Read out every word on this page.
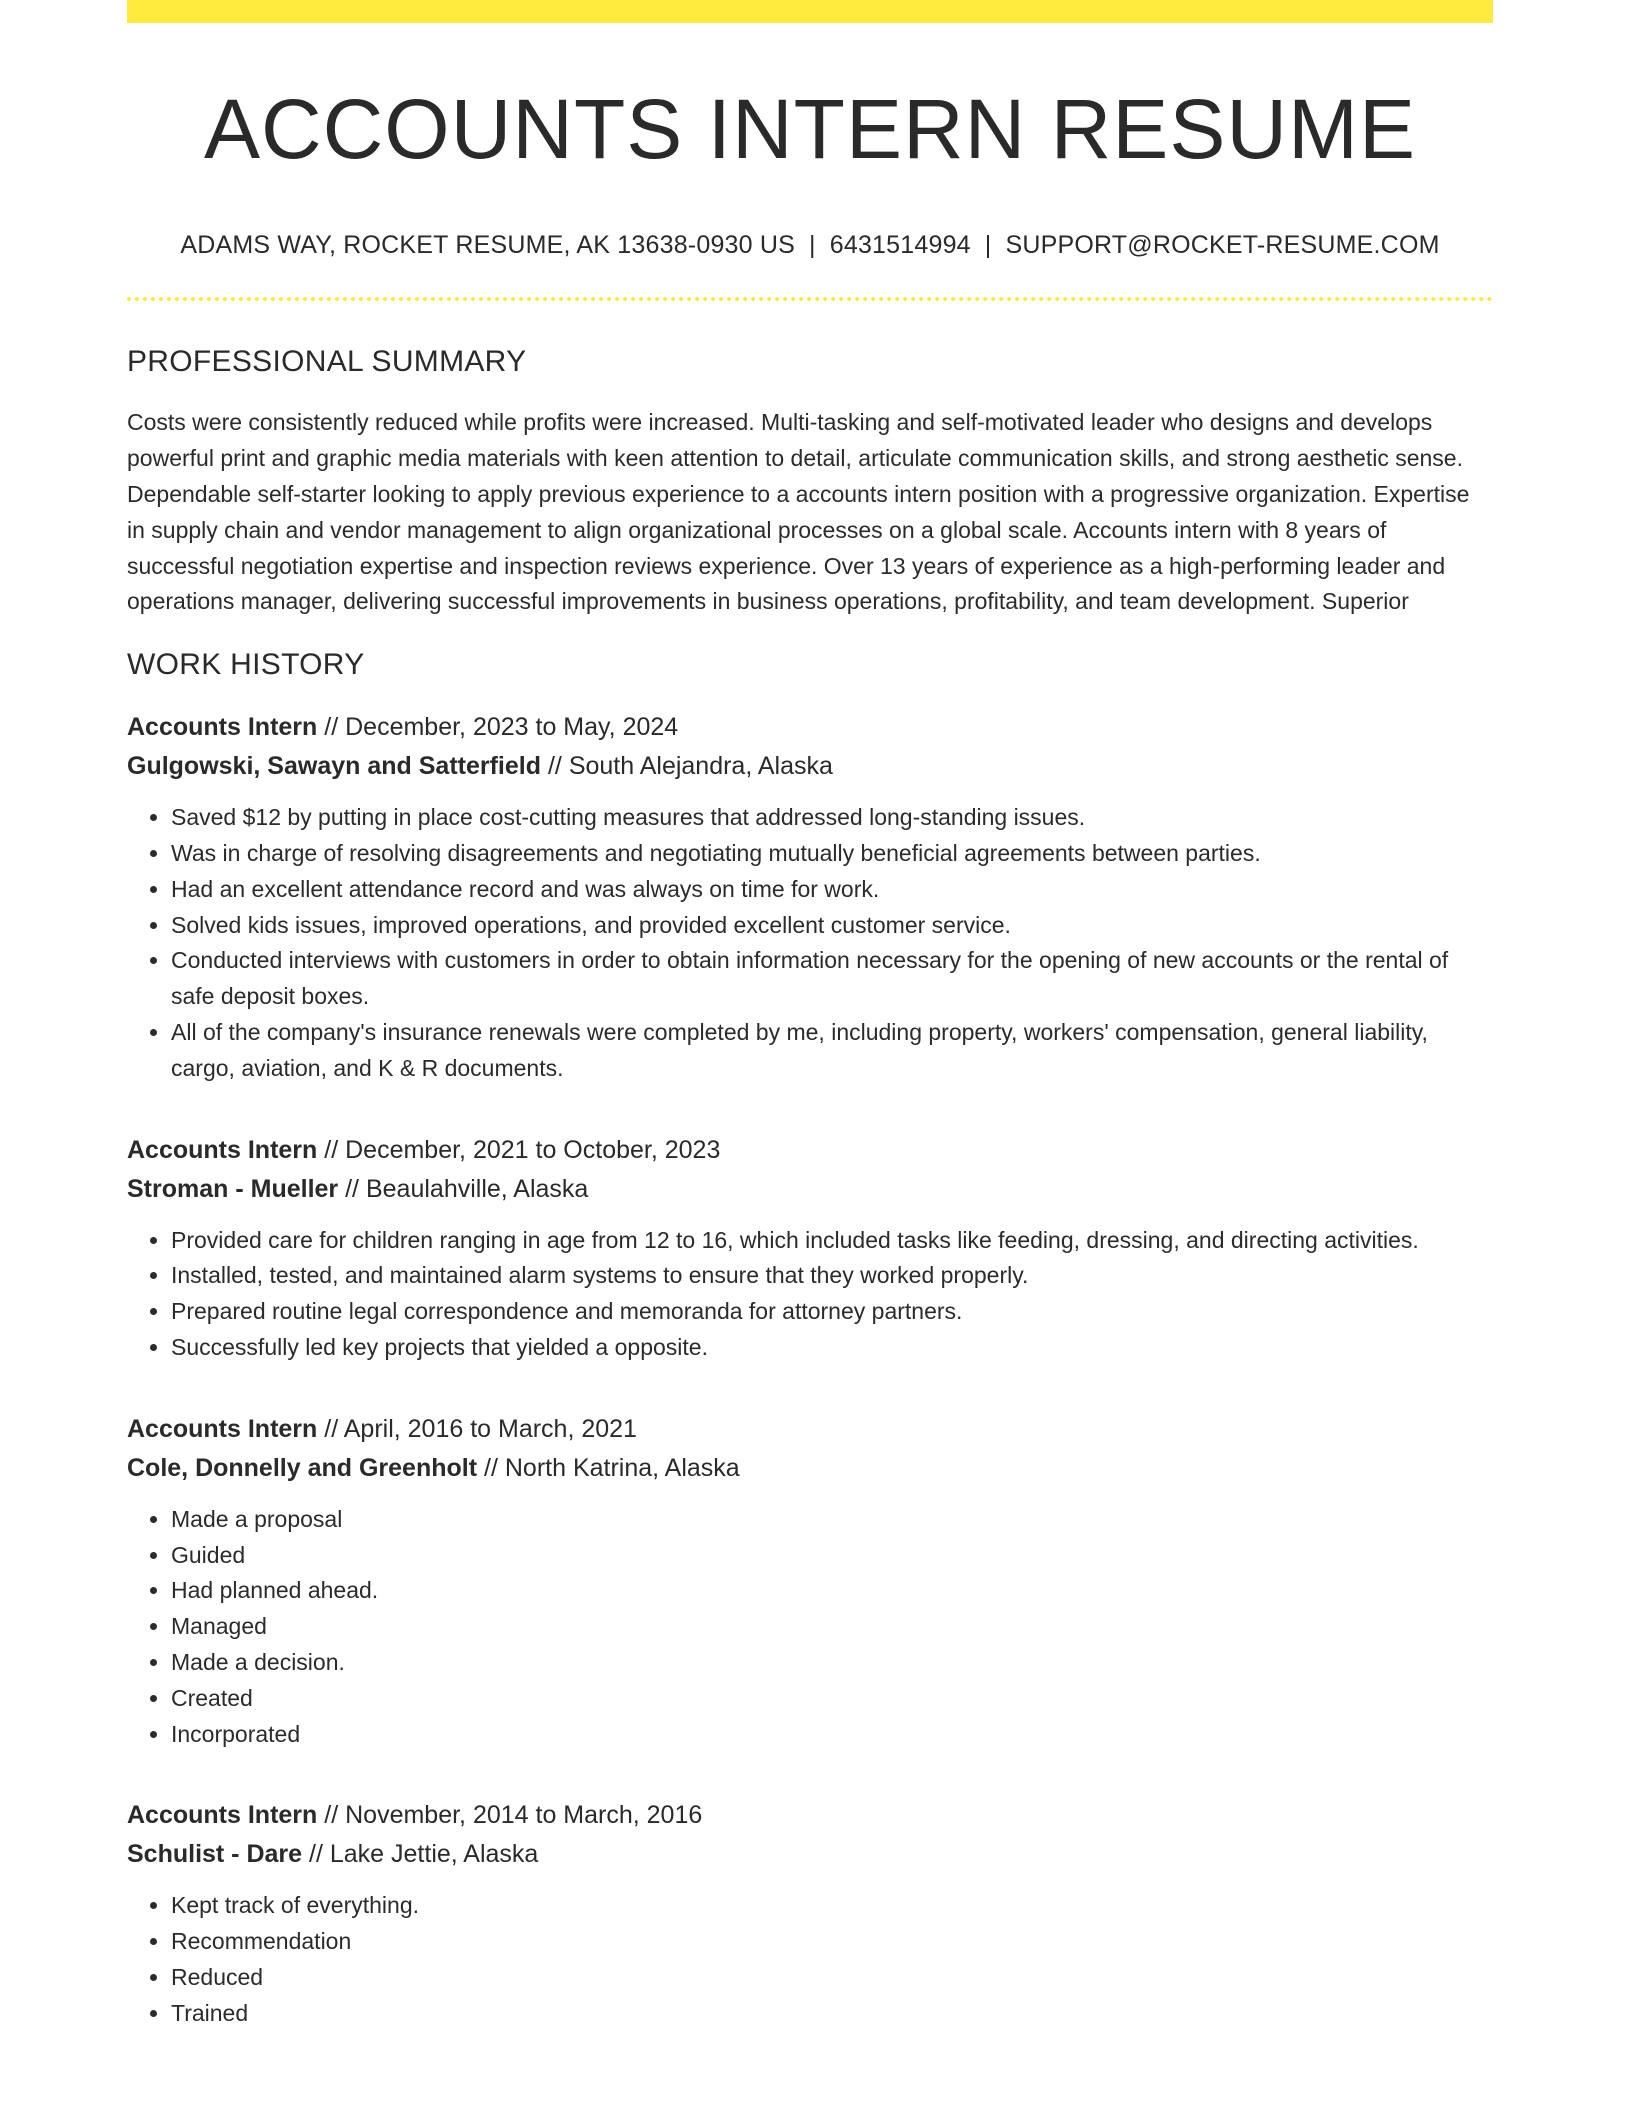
ACCOUNTS INTERN RESUME
ADAMS WAY, ROCKET RESUME, AK 13638-0930 US | 6431514994 | SUPPORT@ROCKET-RESUME.COM
PROFESSIONAL SUMMARY
Costs were consistently reduced while profits were increased. Multi-tasking and self-motivated leader who designs and develops powerful print and graphic media materials with keen attention to detail, articulate communication skills, and strong aesthetic sense. Dependable self-starter looking to apply previous experience to a accounts intern position with a progressive organization. Expertise in supply chain and vendor management to align organizational processes on a global scale. Accounts intern with 8 years of successful negotiation expertise and inspection reviews experience. Over 13 years of experience as a high-performing leader and operations manager, delivering successful improvements in business operations, profitability, and team development. Superior
WORK HISTORY
Accounts Intern // December, 2023 to May, 2024
Gulgowski, Sawayn and Satterfield // South Alejandra, Alaska
• Saved $12 by putting in place cost-cutting measures that addressed long-standing issues.
• Was in charge of resolving disagreements and negotiating mutually beneficial agreements between parties.
• Had an excellent attendance record and was always on time for work.
• Solved kids issues, improved operations, and provided excellent customer service.
• Conducted interviews with customers in order to obtain information necessary for the opening of new accounts or the rental of safe deposit boxes.
• All of the company's insurance renewals were completed by me, including property, workers' compensation, general liability, cargo, aviation, and K & R documents.
Accounts Intern // December, 2021 to October, 2023
Stroman - Mueller // Beaulahville, Alaska
• Provided care for children ranging in age from 12 to 16, which included tasks like feeding, dressing, and directing activities.
• Installed, tested, and maintained alarm systems to ensure that they worked properly.
• Prepared routine legal correspondence and memoranda for attorney partners.
• Successfully led key projects that yielded a opposite.
Accounts Intern // April, 2016 to March, 2021
Cole, Donnelly and Greenholt // North Katrina, Alaska
• Made a proposal
• Guided
• Had planned ahead.
• Managed
• Made a decision.
• Created
• Incorporated
Accounts Intern // November, 2014 to March, 2016
Schulist - Dare // Lake Jettie, Alaska
• Kept track of everything.
• Recommendation
• Reduced
• Trained
